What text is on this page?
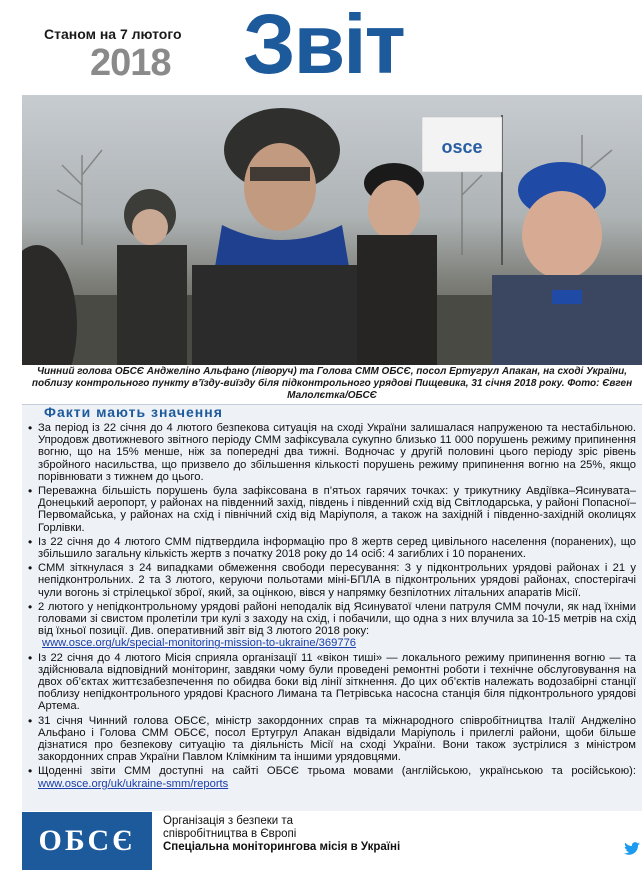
Станом на 7 лютого
2018 Звіт
osce
Чинний голова ОБСЄ Анджеліно Альфано (ліворуч) та Голова СММ ОБСЄ, посол Ертугрул Апакан, на сході України, поблизу контрольного пункту в’їзду-виїзду біля підконтрольного урядові Пищевика, 31 січня 2018 року. Фото: Євген Малолєтка/ОБСЄ
Факти мають значення
• За період із 22 січня до 4 лютого безпекова ситуація на сході України залишалася напруженою та нестабільною. Упродовж двотижневого звітного періоду СММ зафіксувала сукупно близько 11 000 порушень режиму припинення вогню, що на 15% менше, ніж за попередні два тижні. Водночас у другій половині цього періоду зріс рівень збройного насильства, що призвело до збільшення кількості порушень режиму припинення вогню на 25%, якщо порівнювати з тижнем до цього.
• Переважна більшість порушень була зафіксована в п’ятьох гарячих точках: у трикутнику Авдіївка–Ясинувата–Донецький аеропорт, у районах на південний захід, південь і південний схід від Світлодарськa, у районі Попасної–Первомайськa, у районах на схід і північний схід від Маріуполя, а також на західній і південно-західній околицях Горлівки.
• Із 22 січня до 4 лютого СММ підтвердила інформацію про 8 жертв серед цивільного населення (поранених), що збільшило загальну кількість жертв з початку 2018 року до 14 осіб: 4 загиблих і 10 поранених.
• СММ зіткнулася з 24 випадками обмеження свободи пересування: 3 у підконтрольних урядові районах і 21 у непідконтрольних. 2 та 3 лютого, керуючи польотами міні-БПЛА в підконтрольних урядові районах, спостерігачі чули вогонь зі стрілецької зброї, який, за оцінкою, вівся у напрямку безпілотних літальних апаратів Місії.
• 2 лютого у непідконтрольному урядові районі неподалік від Ясинуватої члени патруля СММ почули, як над їхніми головами зі свистом пролетіли три кулі з заходу на схід, і побачили, що одна з них влучила за 10-15 метрів на схід від їхньої позиції. Див. оперативний звіт від 3 лютого 2018 року:
www.osce.org/uk/special-monitoring-mission-to-ukraine/369776
• Із 22 січня до 4 лютого Місія сприяла організації 11 «вікон тиші» — локального режиму припинення вогню — та здійснювала відповідний моніторинг, завдяки чому були проведені ремонтні роботи і технічне обслуговування на двох об’єктах життєзабезпечення по обидва боки від лінії зіткнення. До цих об’єктів належать водозабірні станції поблизу непідконтрольного урядові Красного Лимана та Петрівська насосна станція біля підконтрольного урядові Артема.
• 31 січня Чинний голова ОБСЄ, міністр закордонних справ та міжнародного співробітництва Італії Анджеліно Альфано і Голова СММ ОБСЄ, посол Ертугрул Апакан відвідали Маріуполь і прилеглі райони, щоби більше дізнатися про безпекову ситуацію та діяльність Місії на сході України. Вони також зустрілися з міністром закордонних справ України Павлом Клімкіним та іншими урядовцями.
• Щоденні звіти СММ доступні на сайті ОБСЄ трьома мовами (англійською, українською та російською): www.osce.org/uk/ukraine-smm/reports
ОБСЄ
Організація з безпеки та
співробітництва в Європі
Спеціальна моніторингова місія в Україні
